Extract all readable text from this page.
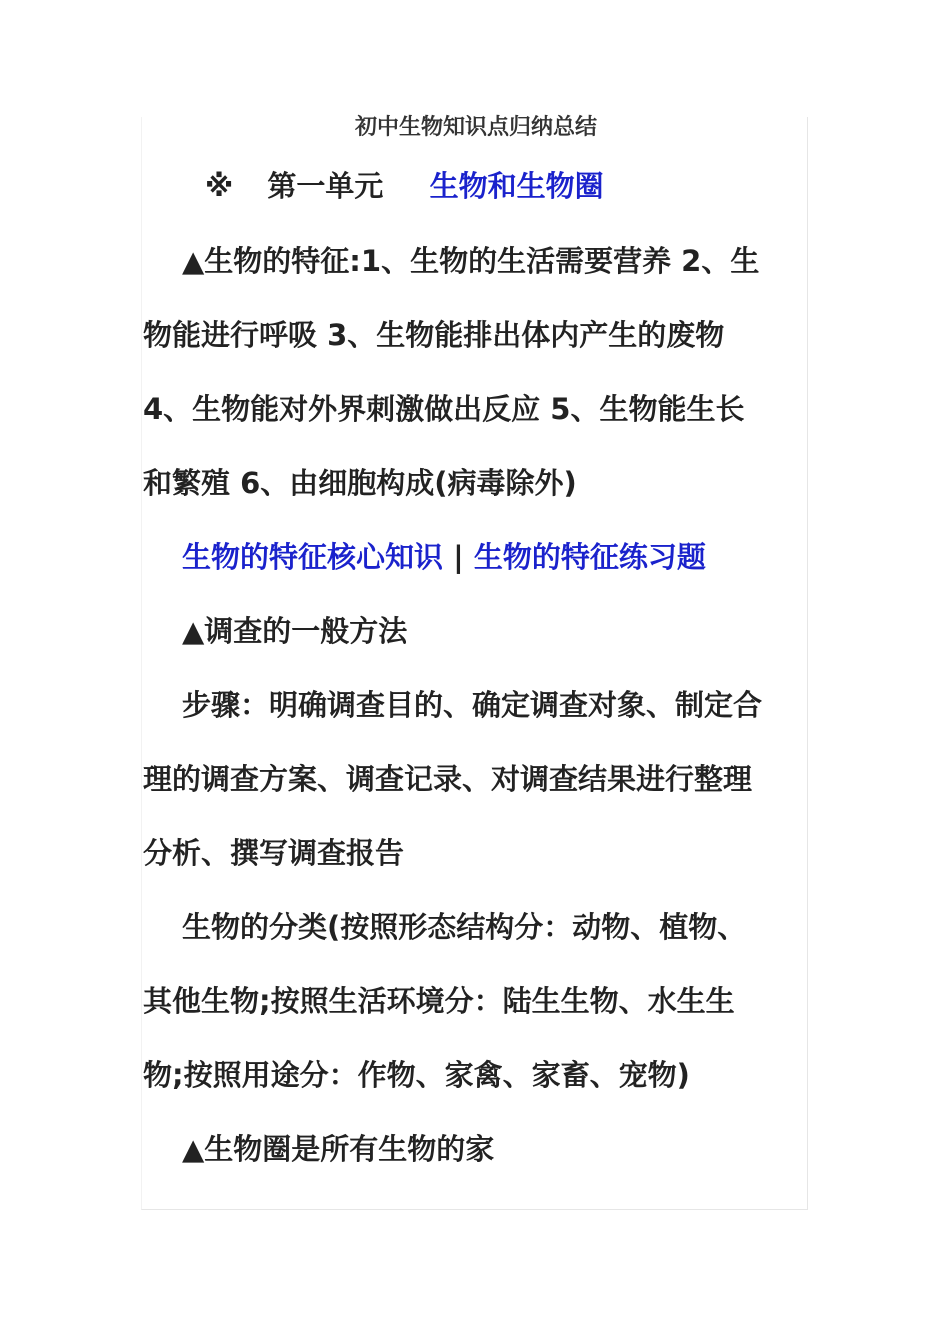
初中生物知识点归纳总结
※ 第一单元 生物和生物圈
▲生物的特征:1、生物的生活需要营养 2、生
物能进行呼吸 3、生物能排出体内产生的废物
4、生物能对外界刺激做出反应 5、生物能生长
和繁殖 6、由细胞构成(病毒除外)
生物的特征核心知识 | 生物的特征练习题
▲调查的一般方法
步骤：明确调查目的、确定调查对象、制定合
理的调查方案、调查记录、对调查结果进行整理
分析、撰写调查报告
生物的分类(按照形态结构分：动物、植物、
其他生物;按照生活环境分：陆生生物、水生生
物;按照用途分：作物、家禽、家畜、宠物)
▲生物圈是所有生物的家
